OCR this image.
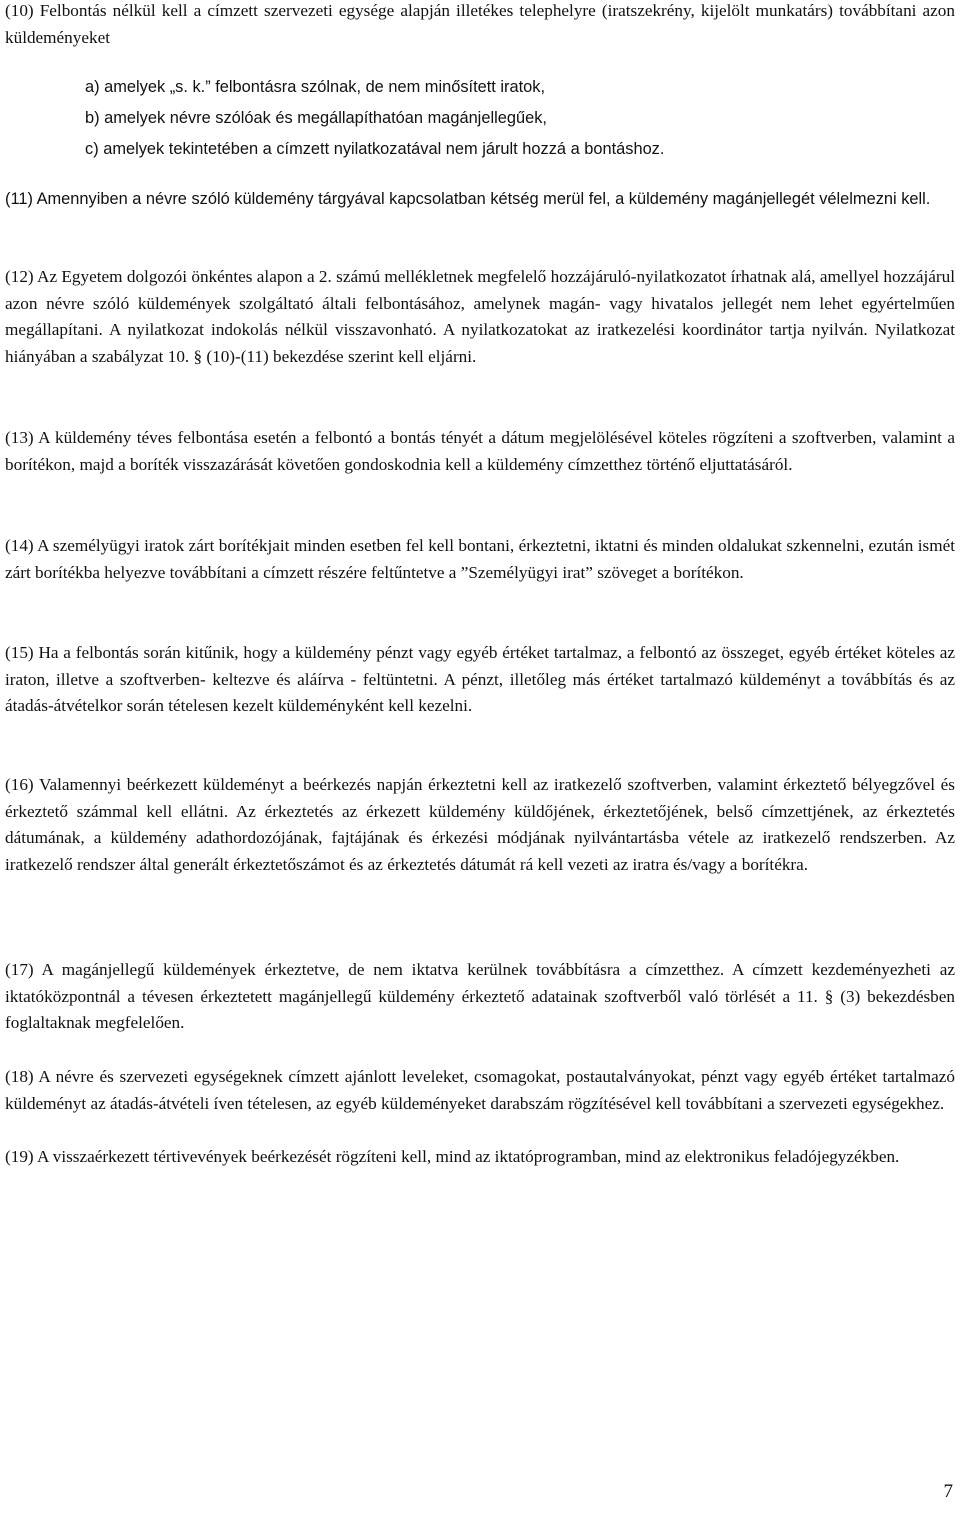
(10) Felbontás nélkül kell a címzett szervezeti egysége alapján illetékes telephelyre (iratszekrény, kijelölt munkatárs) továbbítani azon küldeményeket

a) amelyek „s. k.” felbontásra szólnak, de nem minősített iratok,

b) amelyek névre szólóak és megállapíthatóan magánjellegűek,

c) amelyek tekintetében a címzett nyilatkozatával nem járult hozzá a bontáshoz.

(11) Amennyiben a névre szóló küldemény tárgyával kapcsolatban kétség merül fel, a küldemény magánjellegét vélelmezni kell.

(12) Az Egyetem dolgozói önkéntes alapon a 2. számú mellékletnek megfelelő hozzájáruló-nyilatkozatot írhatnak alá, amellyel hozzájárul azon névre szóló küldemények szolgáltató általi felbontásához, amelynek magán- vagy hivatalos jellegét nem lehet egyértelműen megállapítani. A nyilatkozat indokolás nélkül visszavonható. A nyilatkozatokat az iratkezelési koordinátor tartja nyilván. Nyilatkozat hiányában a szabályzat 10. § (10)-(11) bekezdése szerint kell eljárni.

(13) A küldemény téves felbontása esetén a felbontó a bontás tényét a dátum megjelölésével köteles rögzíteni a szoftverben, valamint a borítékon, majd a boríték visszazárását követően gondoskodnia kell a küldemény címzetthez történő eljuttatásáról.

(14) A személyügyi iratok zárt borítékjait minden esetben fel kell bontani, érkeztetni, iktatni és minden oldalukat szkennelni, ezután ismét zárt borítékba helyezve továbbítani a címzett részére feltűntetve a ”Személyügyi irat” szöveget a borítékon.

(15) Ha a felbontás során kitűnik, hogy a küldemény pénzt vagy egyéb értéket tartalmaz, a felbontó az összeget, egyéb értéket köteles az iraton, illetve a szoftverben- keltezve és aláírva - feltüntetni. A pénzt, illetőleg más értéket tartalmazó küldeményt a továbbítás és az átadás-átvételkor során tételesen kezelt küldeményként kell kezelni.

(16) Valamennyi beérkezett küldeményt a beérkezés napján érkeztetni kell az iratkezelő szoftverben, valamint érkeztető bélyegzővel és érkeztető számmal kell ellátni. Az érkeztetés az érkezett küldemény küldőjének, érkeztetőjének, belső címzettjének, az érkeztetés dátumának, a küldemény adathordozójának, fajtájának és érkezési módjának nyilvántartásba vétele az iratkezelő rendszerben. Az iratkezelő rendszer által generált érkeztetőszámot és az érkeztetés dátumát rá kell vezeti az iratra és/vagy a borítékra.

(17) A magánjellegű küldemények érkeztetve, de nem iktatva kerülnek továbbításra a címzetthez. A címzett kezdeményezheti az iktatóközpontnál a tévesen érkeztetett magánjellegű küldemény érkeztető adatainak szoftverből való törlését a 11. § (3) bekezdésben foglaltaknak megfelelően.

(18) A névre és szervezeti egységeknek címzett ajánlott leveleket, csomagokat, postautalványokat, pénzt vagy egyéb értéket tartalmazó küldeményt az átadás-átvételi íven tételesen, az egyéb küldeményeket darabszám rögzítésével kell továbbítani a szervezeti egységekhez.

(19) A visszaérkezett tértivevények beérkezését rögzíteni kell, mind az iktatóprogramban, mind az elektronikus feladójegyzékben.

7
